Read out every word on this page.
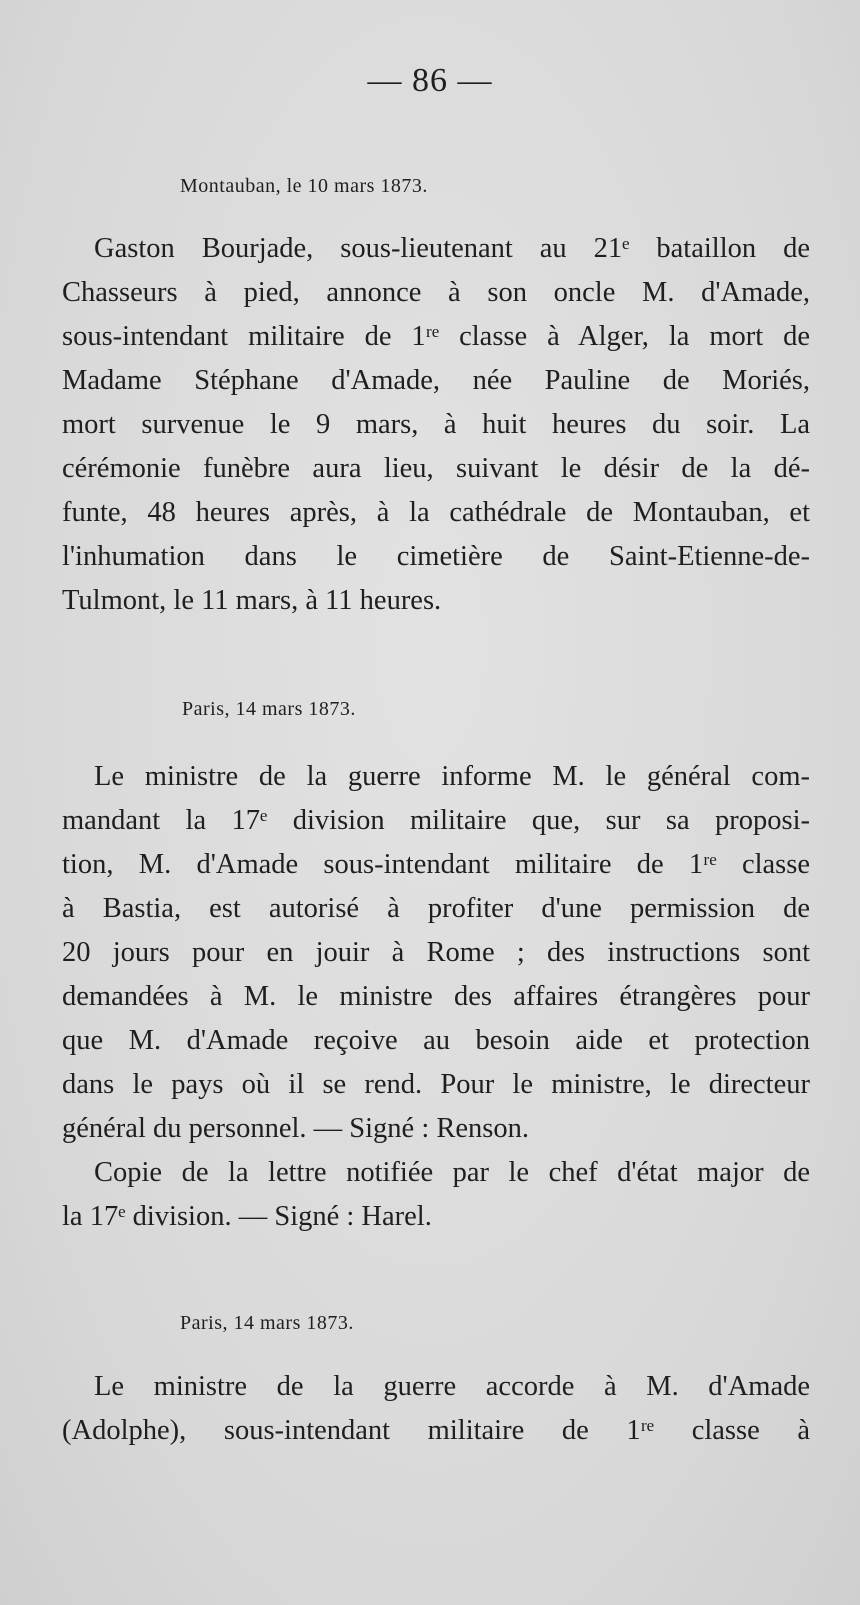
— 86 —
Montauban, le 10 mars 1873.
Gaston Bourjade, sous-lieutenant au 21ᵉ bataillon de
Chasseurs à pied, annonce à son oncle M. d'Amade,
sous-intendant militaire de 1ʳᵉ classe à Alger, la mort de
Madame Stéphane d'Amade, née Pauline de Moriés,
mort survenue le 9 mars, à huit heures du soir. La
cérémonie funèbre aura lieu, suivant le désir de la dé-
funte, 48 heures après, à la cathédrale de Montauban, et
l'inhumation dans le cimetière de Saint-Etienne-de-
Tulmont, le 11 mars, à 11 heures.
Paris, 14 mars 1873.
Le ministre de la guerre informe M. le général com-
mandant la 17ᵉ division militaire que, sur sa proposi-
tion, M. d'Amade sous-intendant militaire de 1ʳᵉ classe
à Bastia, est autorisé à profiter d'une permission de
20 jours pour en jouir à Rome ; des instructions sont
demandées à M. le ministre des affaires étrangères pour
que M. d'Amade reçoive au besoin aide et protection
dans le pays où il se rend. Pour le ministre, le directeur
général du personnel. — Signé : Renson.
Copie de la lettre notifiée par le chef d'état major de
la 17ᵉ division. — Signé : Harel.
Paris, 14 mars 1873.
Le ministre de la guerre accorde à M. d'Amade
(Adolphe), sous-intendant militaire de 1ʳᵉ classe à
